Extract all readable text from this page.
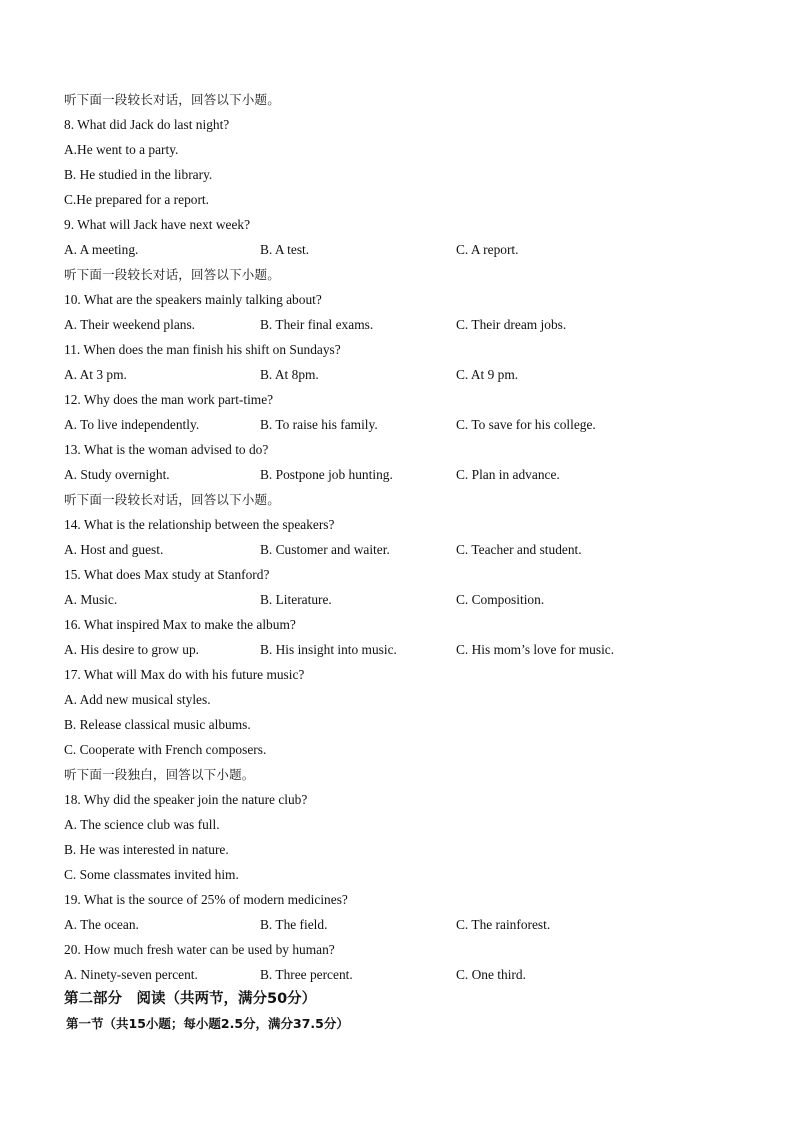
听下面一段较长对话，回答以下小题。
8. What did Jack do last night?
A.He went to a party.
B. He studied in the library.
C.He prepared for a report.
9. What will Jack have next week?
A. A meeting.	B. A test.	C. A report.
听下面一段较长对话，回答以下小题。
10. What are the speakers mainly talking about?
A. Their weekend plans.	B. Their final exams.	C. Their dream jobs.
11. When does the man finish his shift on Sundays?
A. At 3 pm.	B. At 8pm.	C. At 9 pm.
12. Why does the man work part-time?
A. To live independently.	B. To raise his family.	C. To save for his college.
13. What is the woman advised to do?
A. Study overnight.	B. Postpone job hunting.	C. Plan in advance.
听下面一段较长对话，回答以下小题。
14. What is the relationship between the speakers?
A. Host and guest.	B. Customer and waiter.	C. Teacher and student.
15. What does Max study at Stanford?
A. Music.	B. Literature.	C. Composition.
16. What inspired Max to make the album?
A. His desire to grow up.	B. His insight into music.	C. His mom’s love for music.
17. What will Max do with his future music?
A. Add new musical styles.
B. Release classical music albums.
C. Cooperate with French composers.
听下面一段独白，回答以下小题。
18. Why did the speaker join the nature club?
A. The science club was full.
B. He was interested in nature.
C. Some classmates invited him.
19. What is the source of 25% of modern medicines?
A. The ocean.	B. The field.	C. The rainforest.
20. How much fresh water can be used by human?
A. Ninety-seven percent.	B. Three percent.	C. One third.
第二部分　阅读（共两节，满分50分）
第一节（共15小题；每小题2.5分，满分37.5分）
